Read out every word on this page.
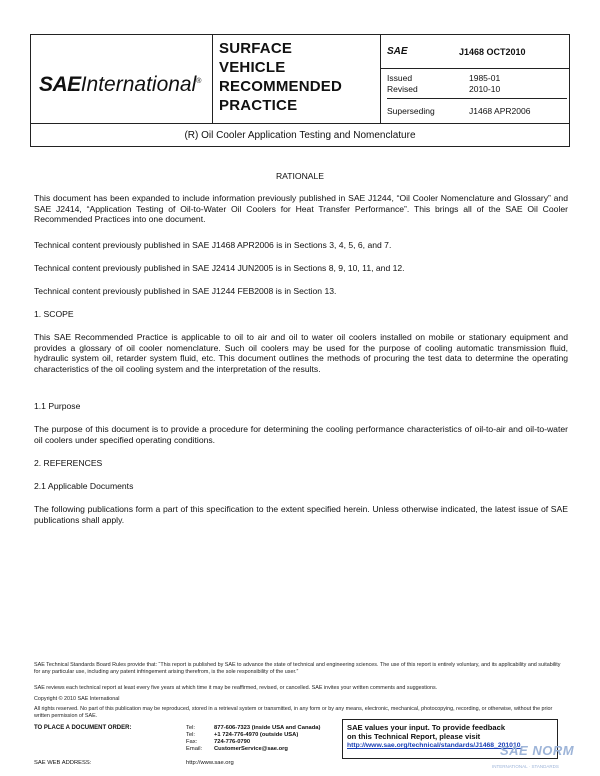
SAEInternational®
SURFACE
VEHICLE
RECOMMENDED
PRACTICE
SAE	J1468 OCT2010
Issued	1985-01
Revised	2010-10
Superseding	J1468 APR2006
(R) Oil Cooler Application Testing and Nomenclature
RATIONALE
This document has been expanded to include information previously published in SAE J1244, “Oil Cooler Nomenclature and Glossary” and SAE J2414, “Application Testing of Oil-to-Water Oil Coolers for Heat Transfer Performance”. This brings all of the SAE Oil Cooler Recommended Practices into one document.
Technical content previously published in SAE J1468 APR2006 is in Sections 3, 4, 5, 6, and 7.
Technical content previously published in SAE J2414 JUN2005 is in Sections 8, 9, 10, 11, and 12.
Technical content previously published in SAE J1244 FEB2008 is in Section 13.
1. SCOPE
This SAE Recommended Practice is applicable to oil to air and oil to water oil coolers installed on mobile or stationary equipment and provides a glossary of oil cooler nomenclature. Such oil coolers may be used for the purpose of cooling automatic transmission fluid, hydraulic system oil, retarder system fluid, etc. This document outlines the methods of procuring the test data to determine the operating characteristics of the oil cooling system and the interpretation of the results.
1.1 Purpose
The purpose of this document is to provide a procedure for determining the cooling performance characteristics of oil-to-air and oil-to-water oil coolers under specified operating conditions.
2. REFERENCES
2.1 Applicable Documents
The following publications form a part of this specification to the extent specified herein. Unless otherwise indicated, the latest issue of SAE publications shall apply.
SAE Technical Standards Board Rules provide that: “This report is published by SAE to advance the state of technical and engineering sciences. The use of this report is entirely voluntary, and its applicability and suitability for any particular use, including any patent infringement arising therefrom, is the sole responsibility of the user.”
SAE reviews each technical report at least every five years at which time it may be reaffirmed, revised, or cancelled. SAE invites your written comments and suggestions.
Copyright © 2010 SAE International
All rights reserved. No part of this publication may be reproduced, stored in a retrieval system or transmitted, in any form or by any means, electronic, mechanical, photocopying, recording, or otherwise, without the prior written permission of SAE.
TO PLACE A DOCUMENT ORDER:	Tel:	877-606-7323 (inside USA and Canada)
Tel:	+1 724-776-4970 (outside USA)
Fax:	724-776-0790
Email: CustomerService@sae.org
SAE WEB ADDRESS:	http://www.sae.org
SAE values your input. To provide feedback
on this Technical Report, please visit
http://www.sae.org/technical/standards/J1468_201010
SAE NORM
INTERNATIONAL · STANDARDS
